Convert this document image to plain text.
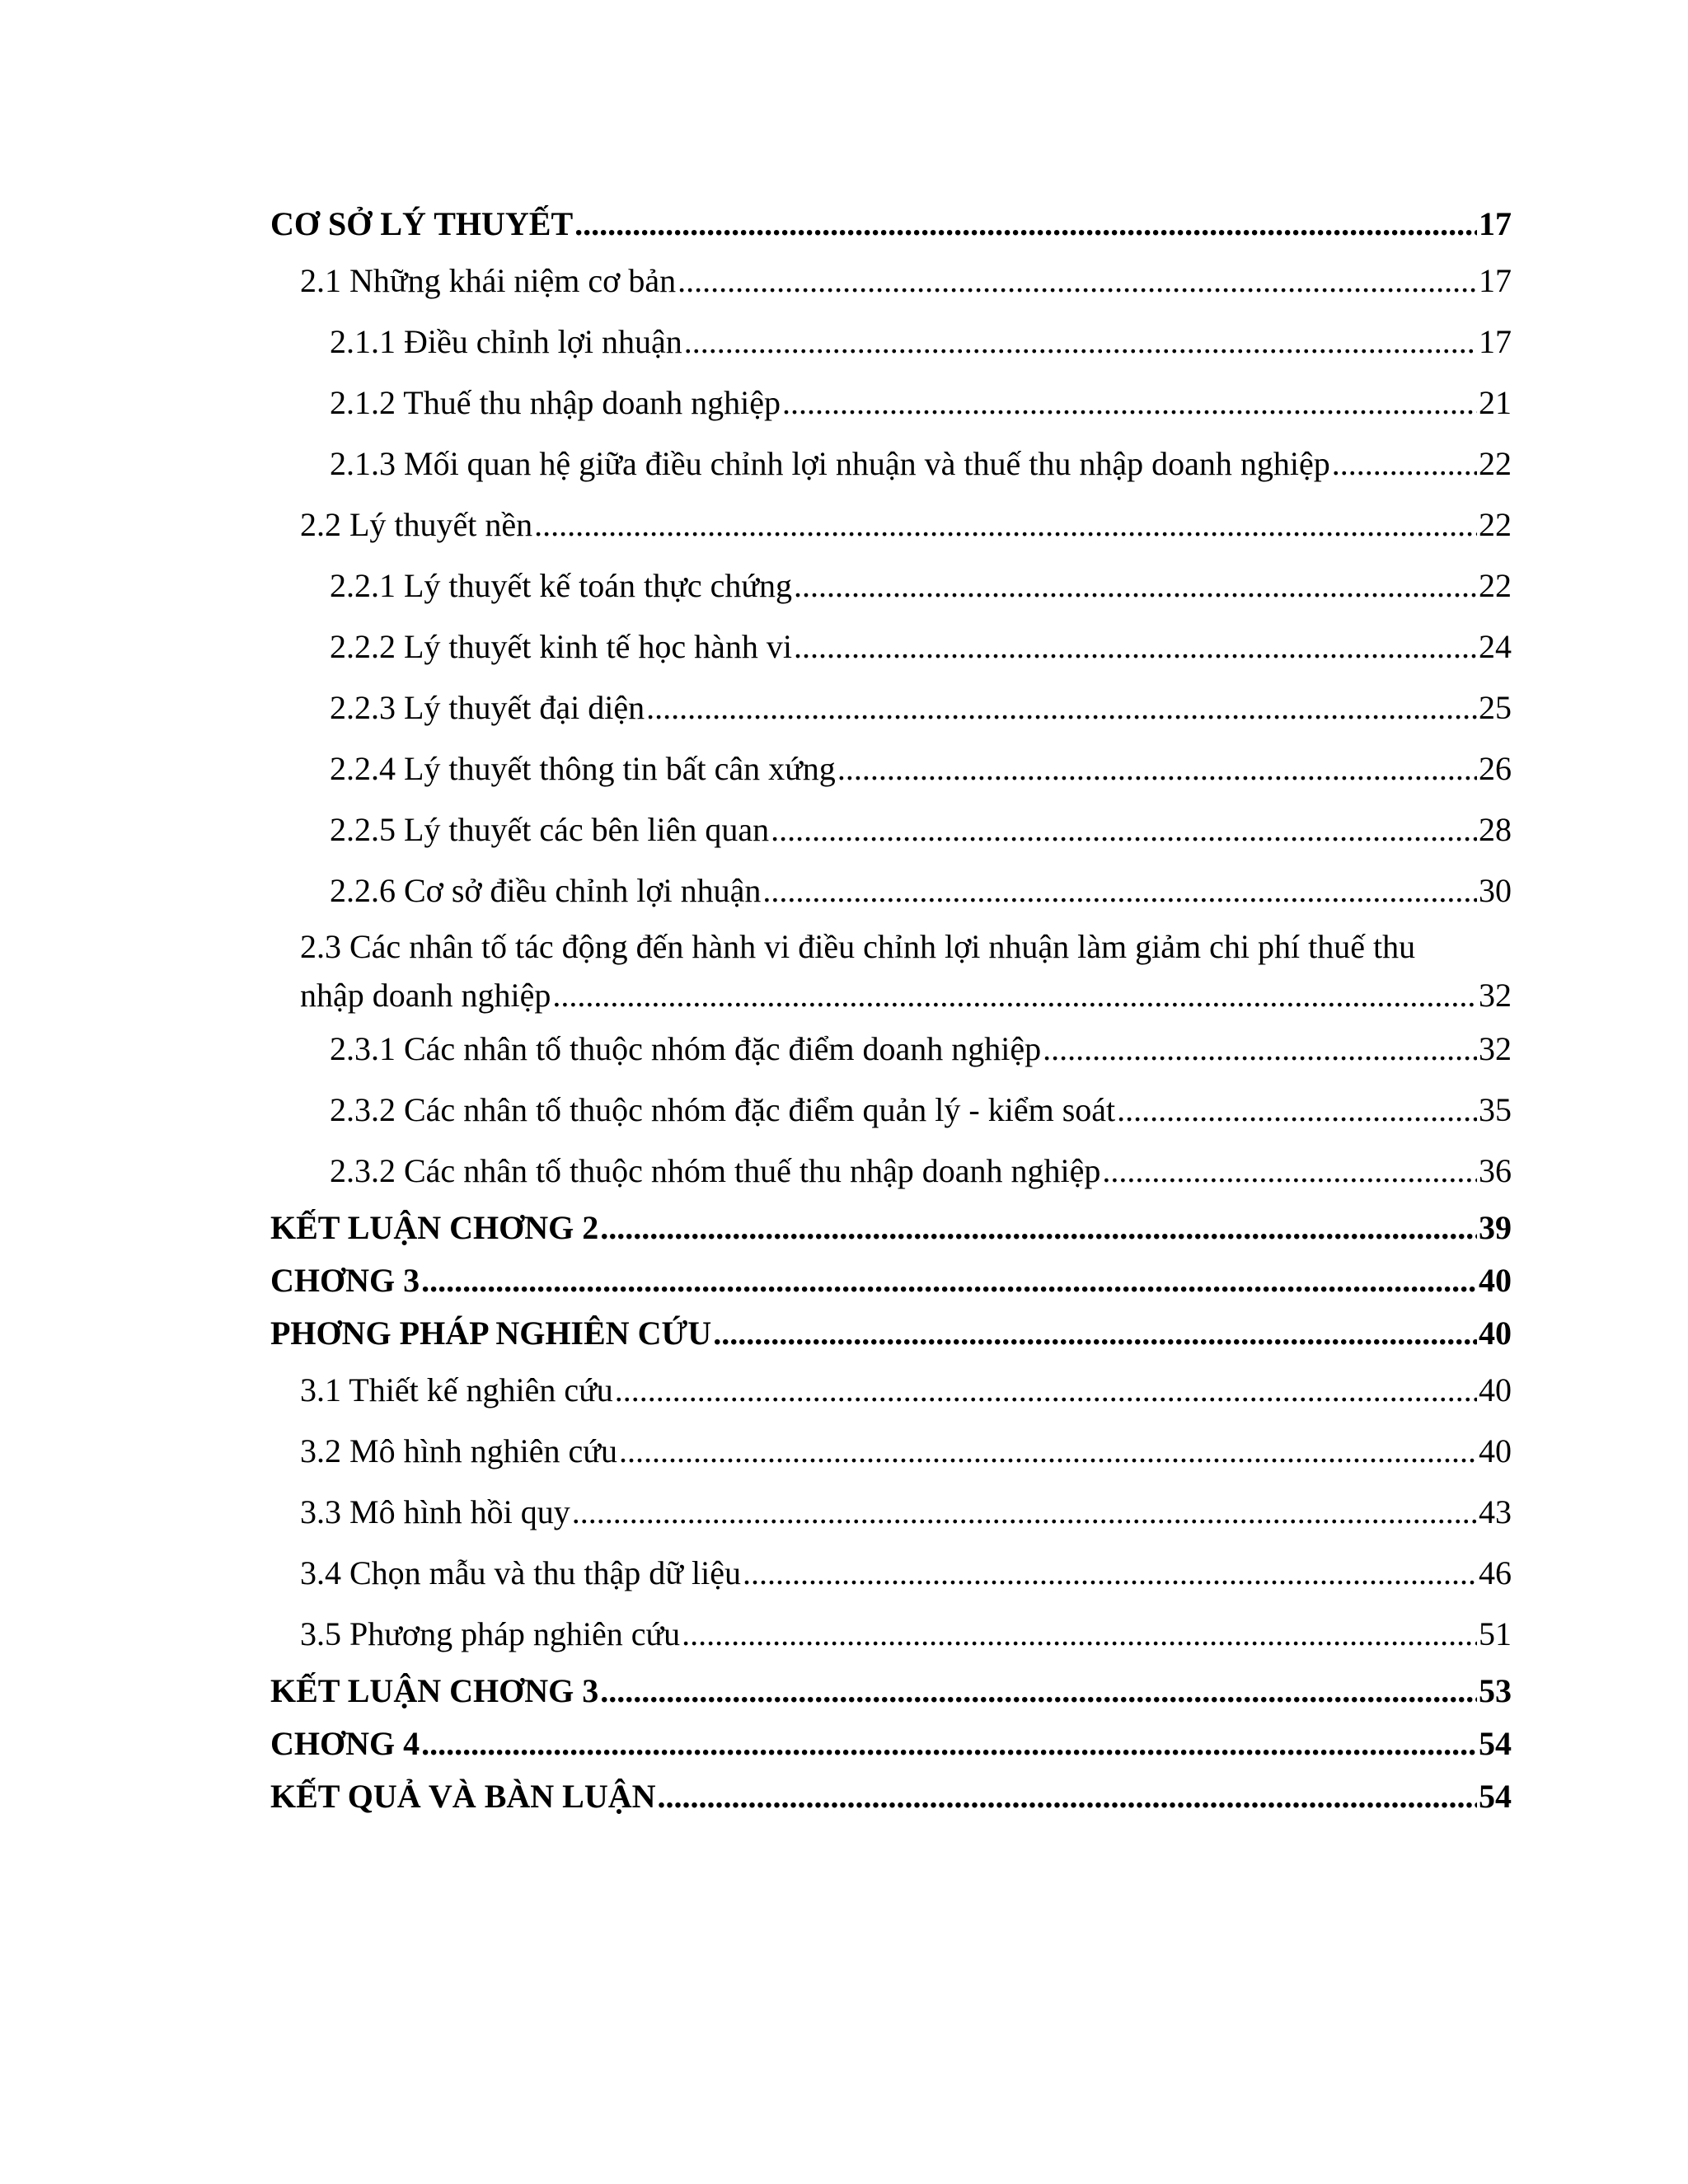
CƠ SỞ LÝ THUYẾT .....	17
2.1 Những khái niệm cơ bản .....	17
2.1.1 Điều chỉnh lợi nhuận .....	17
2.1.2 Thuế thu nhập doanh nghiệp .....	21
2.1.3 Mối quan hệ giữa điều chỉnh lợi nhuận và thuế thu nhập doanh nghiệp .....	22
2.2 Lý thuyết nền .....	22
2.2.1 Lý thuyết kế toán thực chứng .....	22
2.2.2 Lý thuyết kinh tế học hành vi .....	24
2.2.3 Lý thuyết đại diện .....	25
2.2.4 Lý thuyết thông tin bất cân xứng .....	26
2.2.5 Lý thuyết các bên liên quan .....	28
2.2.6 Cơ sở điều chỉnh lợi nhuận .....	30
2.3 Các nhân tố tác động đến hành vi điều chỉnh lợi nhuận làm giảm chi phí thuế thu
nhập doanh nghiệp .....	32
2.3.1 Các nhân tố thuộc nhóm đặc điểm doanh nghiệp .....	32
2.3.2 Các nhân tố thuộc nhóm đặc điểm quản lý - kiểm soát .....	35
2.3.2 Các nhân tố thuộc nhóm thuế thu nhập doanh nghiệp .....	36
KẾT LUẬN CHƠNG 2 .....	39
CHƠNG 3 .....	40
PHƠNG PHÁP NGHIÊN CỨU .....	40
3.1 Thiết kế nghiên cứu .....	40
3.2 Mô hình nghiên cứu .....	40
3.3 Mô hình hồi quy .....	43
3.4 Chọn mẫu và thu thập dữ liệu .....	46
3.5 Phương pháp nghiên cứu .....	51
KẾT LUẬN CHƠNG 3 .....	53
CHƠNG 4 .....	54
KẾT QUẢ VÀ BÀN LUẬN .....	54
